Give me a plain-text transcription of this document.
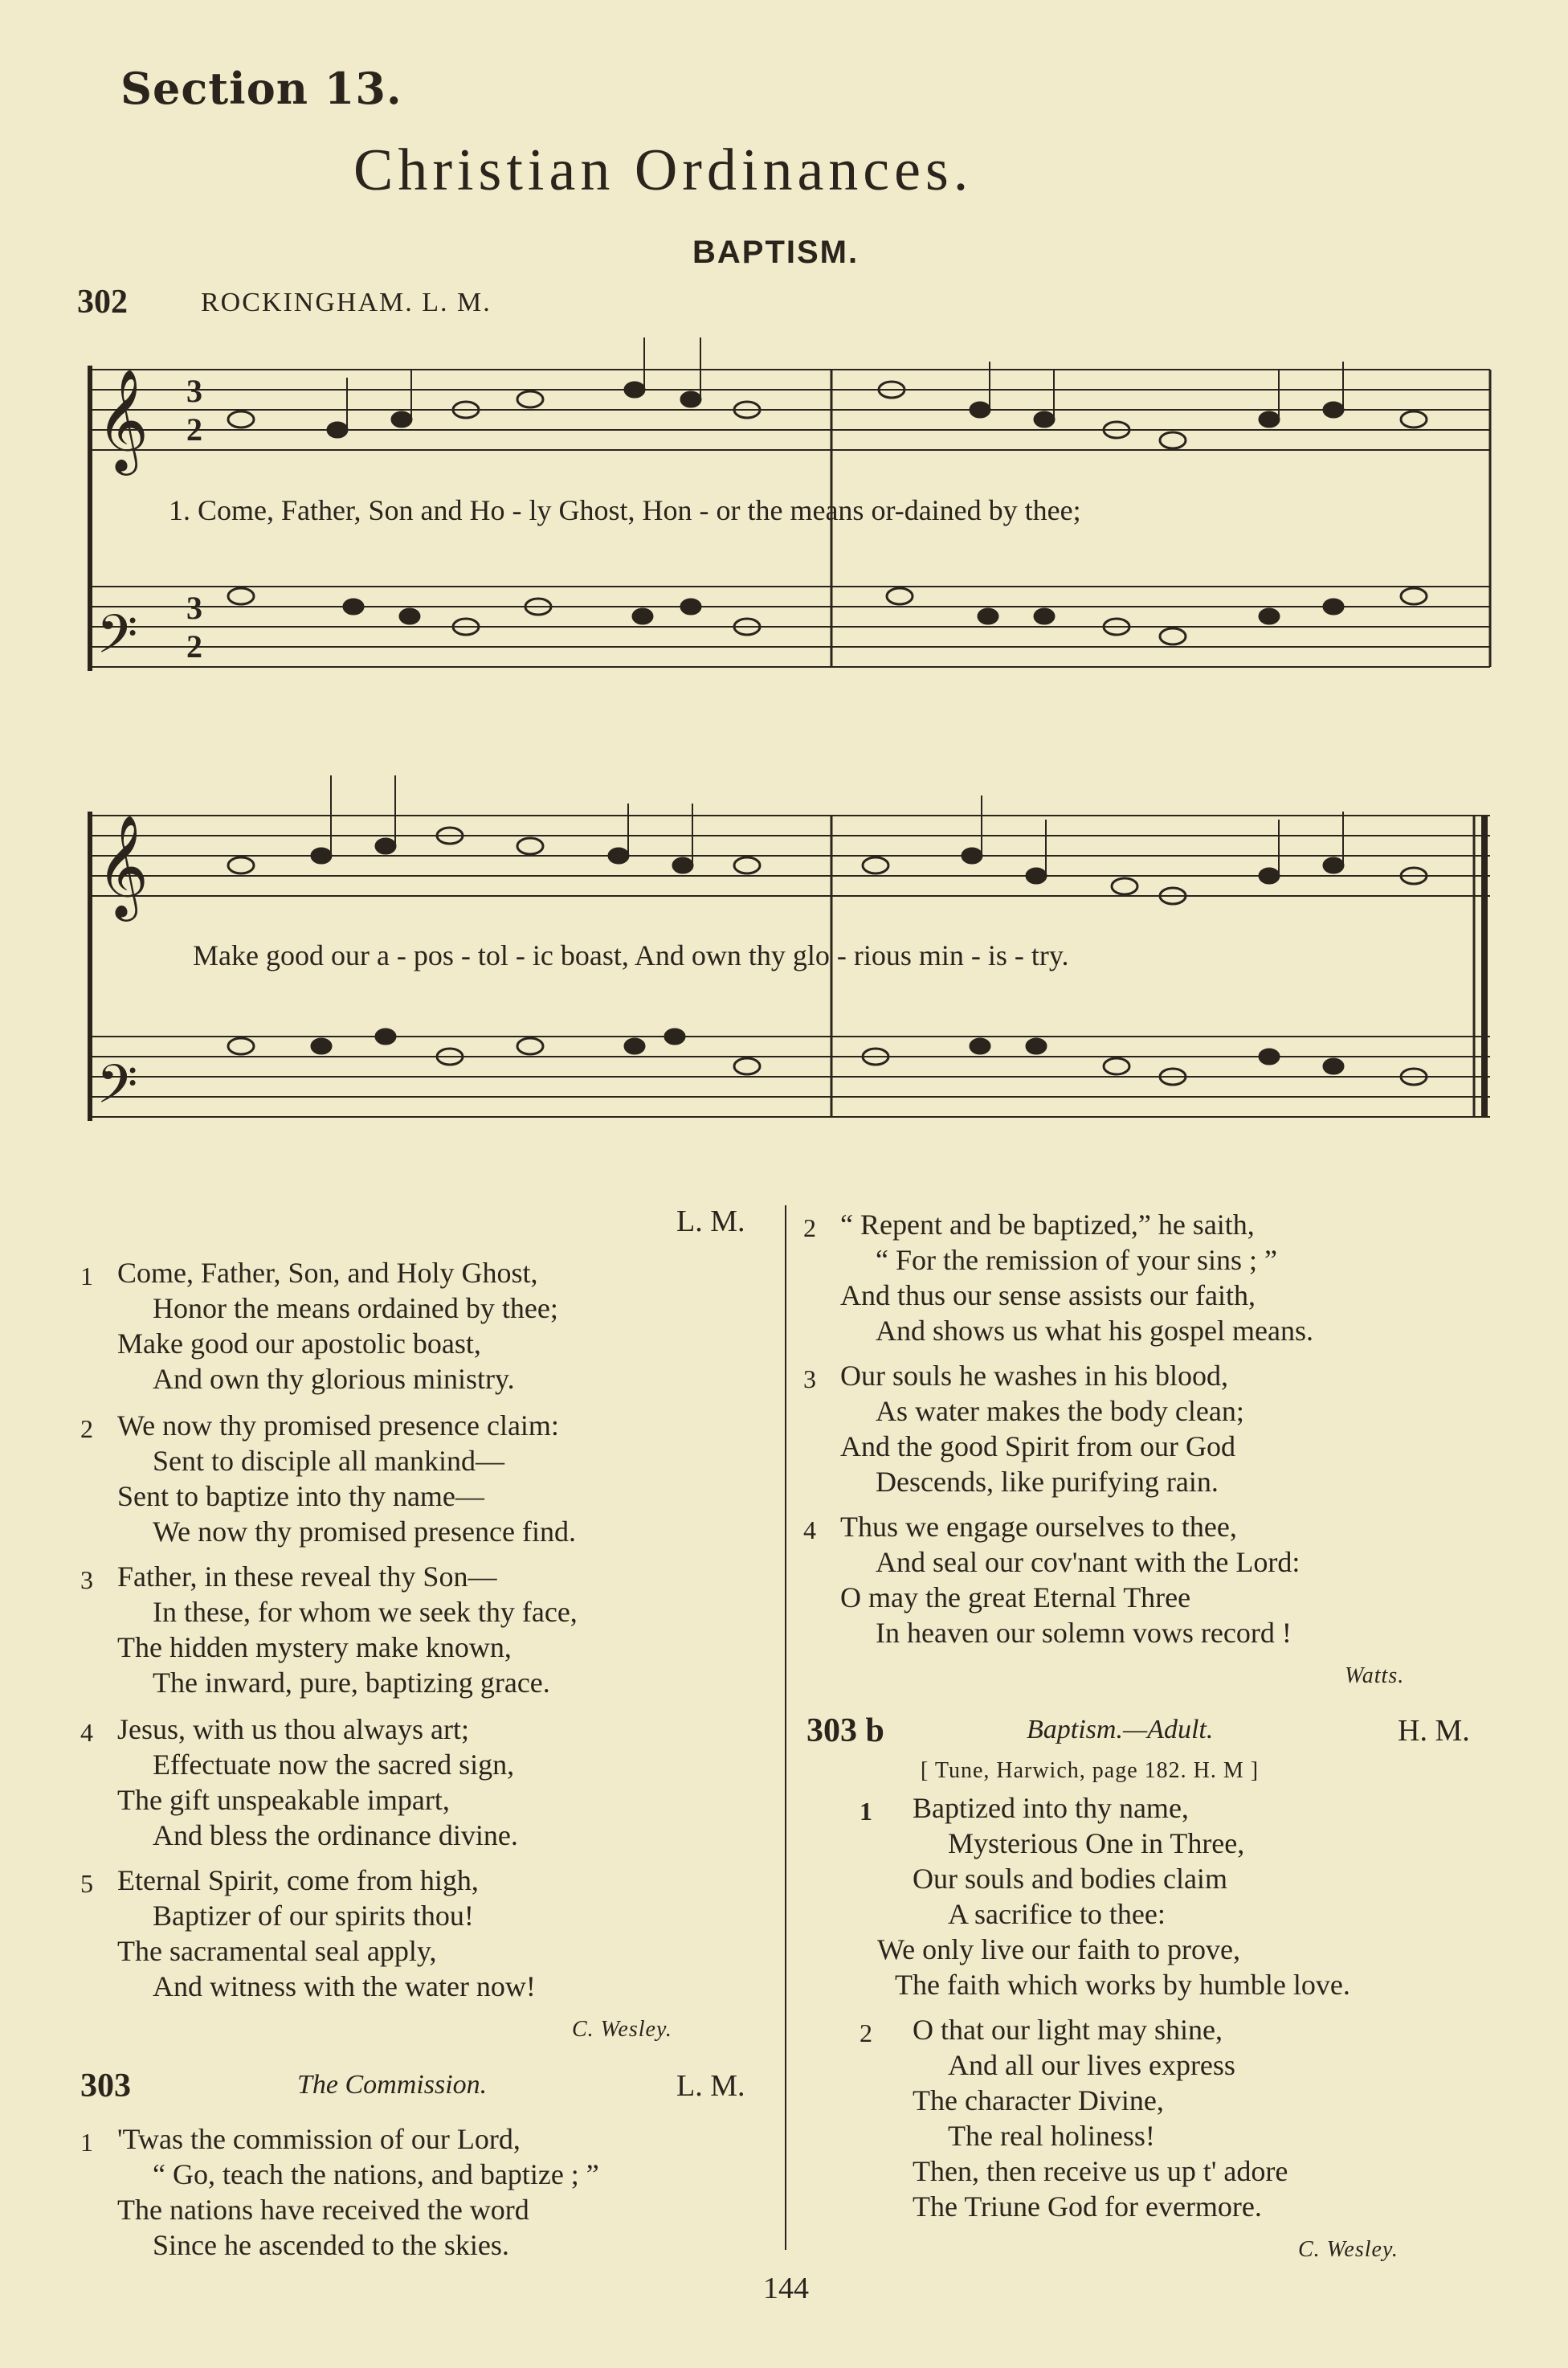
Section 13.
Christian Ordinances.
BAPTISM.
302	ROCKINGHAM. L. M.
𝄞
𝄢
𝄞
𝄢
3
2
3
2
1. Come, Father, Son and Ho - ly Ghost, Hon - or the means or-dained by thee;
Make good our a - pos - tol - ic boast, And own thy glo - rious min - is - try.
L. M.
1 Come, Father, Son, and Holy Ghost,
Honor the means ordained by thee;
Make good our apostolic boast,
And own thy glorious ministry.
2 We now thy promised presence claim:
Sent to disciple all mankind—
Sent to baptize into thy name—
We now thy promised presence find.
3 Father, in these reveal thy Son—
In these, for whom we seek thy face,
The hidden mystery make known,
The inward, pure, baptizing grace.
4 Jesus, with us thou always art;
Effectuate now the sacred sign,
The gift unspeakable impart,
And bless the ordinance divine.
5 Eternal Spirit, come from high,
Baptizer of our spirits thou!
The sacramental seal apply,
And witness with the water now!
C. Wesley.
303	The Commission.	L. M.
1 'Twas the commission of our Lord,
“ Go, teach the nations, and baptize ; ”
The nations have received the word
Since he ascended to the skies.
2 “ Repent and be baptized,” he saith,
“ For the remission of your sins ; ”
And thus our sense assists our faith,
And shows us what his gospel means.
3 Our souls he washes in his blood,
As water makes the body clean;
And the good Spirit from our God
Descends, like purifying rain.
4 Thus we engage ourselves to thee,
And seal our cov'nant with the Lord:
O may the great Eternal Three
In heaven our solemn vows record !
Watts.
303 b	Baptism.—Adult.	H. M.
[ Tune, Harwich, page 182. H. M ]
1 Baptized into thy name,
Mysterious One in Three,
Our souls and bodies claim
A sacrifice to thee:
We only live our faith to prove,
The faith which works by humble love.
2 O that our light may shine,
And all our lives express
The character Divine,
The real holiness!
Then, then receive us up t' adore
The Triune God for evermore.
C. Wesley.
144
